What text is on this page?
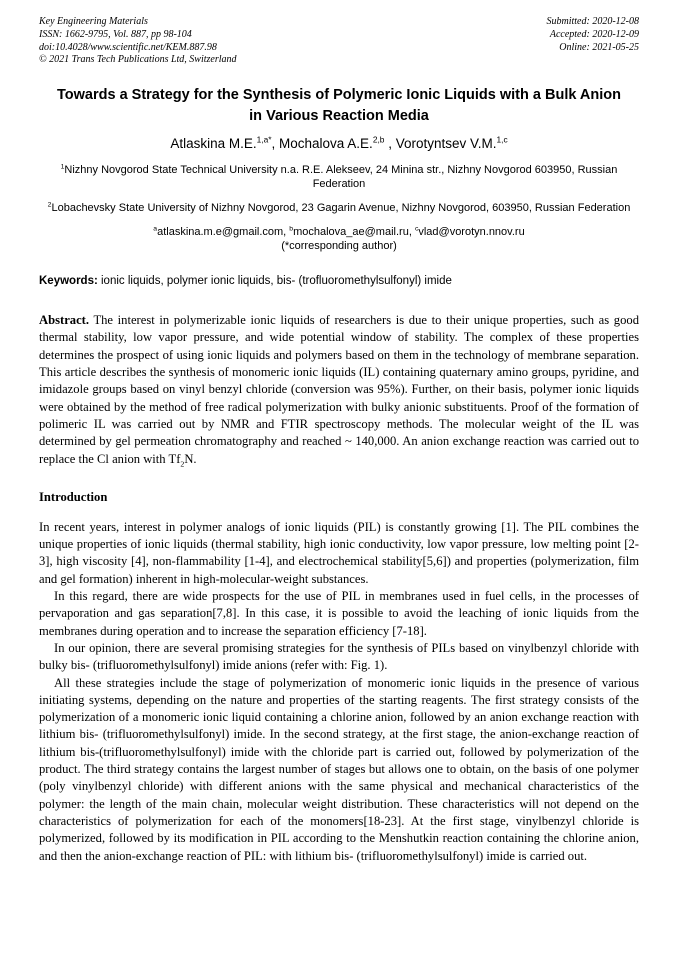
Key Engineering Materials
ISSN: 1662-9795, Vol. 887, pp 98-104
doi:10.4028/www.scientific.net/KEM.887.98
© 2021 Trans Tech Publications Ltd, Switzerland
Submitted: 2020-12-08
Accepted: 2020-12-09
Online: 2021-05-25
Towards a Strategy for the Synthesis of Polymeric Ionic Liquids with a Bulk Anion in Various Reaction Media
Atlaskina M.E.$^{1,a*}$, Mochalova A.E.$^{2,b}$ , Vorotyntsev V.M.$^{1,c}$
$^1$Nizhny Novgorod State Technical University n.a. R.E. Alekseev, 24 Minina str., Nizhny Novgorod 603950, Russian Federation
$^2$Lobachevsky State University of Nizhny Novgorod, 23 Gagarin Avenue, Nizhny Novgorod, 603950, Russian Federation
$^a$atlaskina.m.e@gmail.com, $^b$mochalova_ae@mail.ru, $^c$vlad@vorotyn.nnov.ru
(*corresponding author)
Keywords: ionic liquids, polymer ionic liquids, bis- (trofluoromethylsulfonyl) imide
Abstract. The interest in polymerizable ionic liquids of researchers is due to their unique properties, such as good thermal stability, low vapor pressure, and wide potential window of stability. The complex of these properties determines the prospect of using ionic liquids and polymers based on them in the technology of membrane separation. This article describes the synthesis of monomeric ionic liquids (IL) containing quaternary amino groups, pyridine, and imidazole groups based on vinyl benzyl chloride (conversion was 95%). Further, on their basis, polymer ionic liquids were obtained by the method of free radical polymerization with bulky anionic substituents. Proof of the formation of polimeric IL was carried out by NMR and FTIR spectroscopy methods. The molecular weight of the IL was determined by gel permeation chromatography and reached ~ 140,000. An anion exchange reaction was carried out to replace the Cl anion with $Tf_2N$.
Introduction

In recent years, interest in polymer analogs of ionic liquids (PIL) is constantly growing [1]. The PIL combines the unique properties of ionic liquids (thermal stability, high ionic conductivity, low vapor pressure, low melting point [2-3], high viscosity [4], non-flammability [1-4], and electrochemical stability[5,6]) and properties (polymerization, film and gel formation) inherent in high-molecular-weight substances.

In this regard, there are wide prospects for the use of PIL in membranes used in fuel cells, in the processes of pervaporation and gas separation[7,8]. In this case, it is possible to avoid the leaching of ionic liquids from the membranes during operation and to increase the separation efficiency [7-18].

In our opinion, there are several promising strategies for the synthesis of PILs based on vinylbenzyl chloride with bulky bis- (trifluoromethylsulfonyl) imide anions (refer with: Fig. 1).

All these strategies include the stage of polymerization of monomeric ionic liquids in the presence of various initiating systems, depending on the nature and properties of the starting reagents. The first strategy consists of the polymerization of a monomeric ionic liquid containing a chlorine anion, followed by an anion exchange reaction with lithium bis- (trifluoromethylsulfonyl) imide. In the second strategy, at the first stage, the anion-exchange reaction of lithium bis-(trifluoromethylsulfonyl) imide with the chloride part is carried out, followed by polymerization of the product. The third strategy contains the largest number of stages but allows one to obtain, on the basis of one polymer (poly vinylbenzyl chloride) with different anions with the same physical and mechanical characteristics of the polymer: the length of the main chain, molecular weight distribution. These characteristics will not depend on the characteristics of polymerization for each of the monomers[18-23]. At the first stage, vinylbenzyl chloride is polymerized, followed by its modification in PIL according to the Menshutkin reaction containing the chlorine anion, and then the anion-exchange reaction of PIL: with lithium bis- (trifluoromethylsulfonyl) imide is carried out.
